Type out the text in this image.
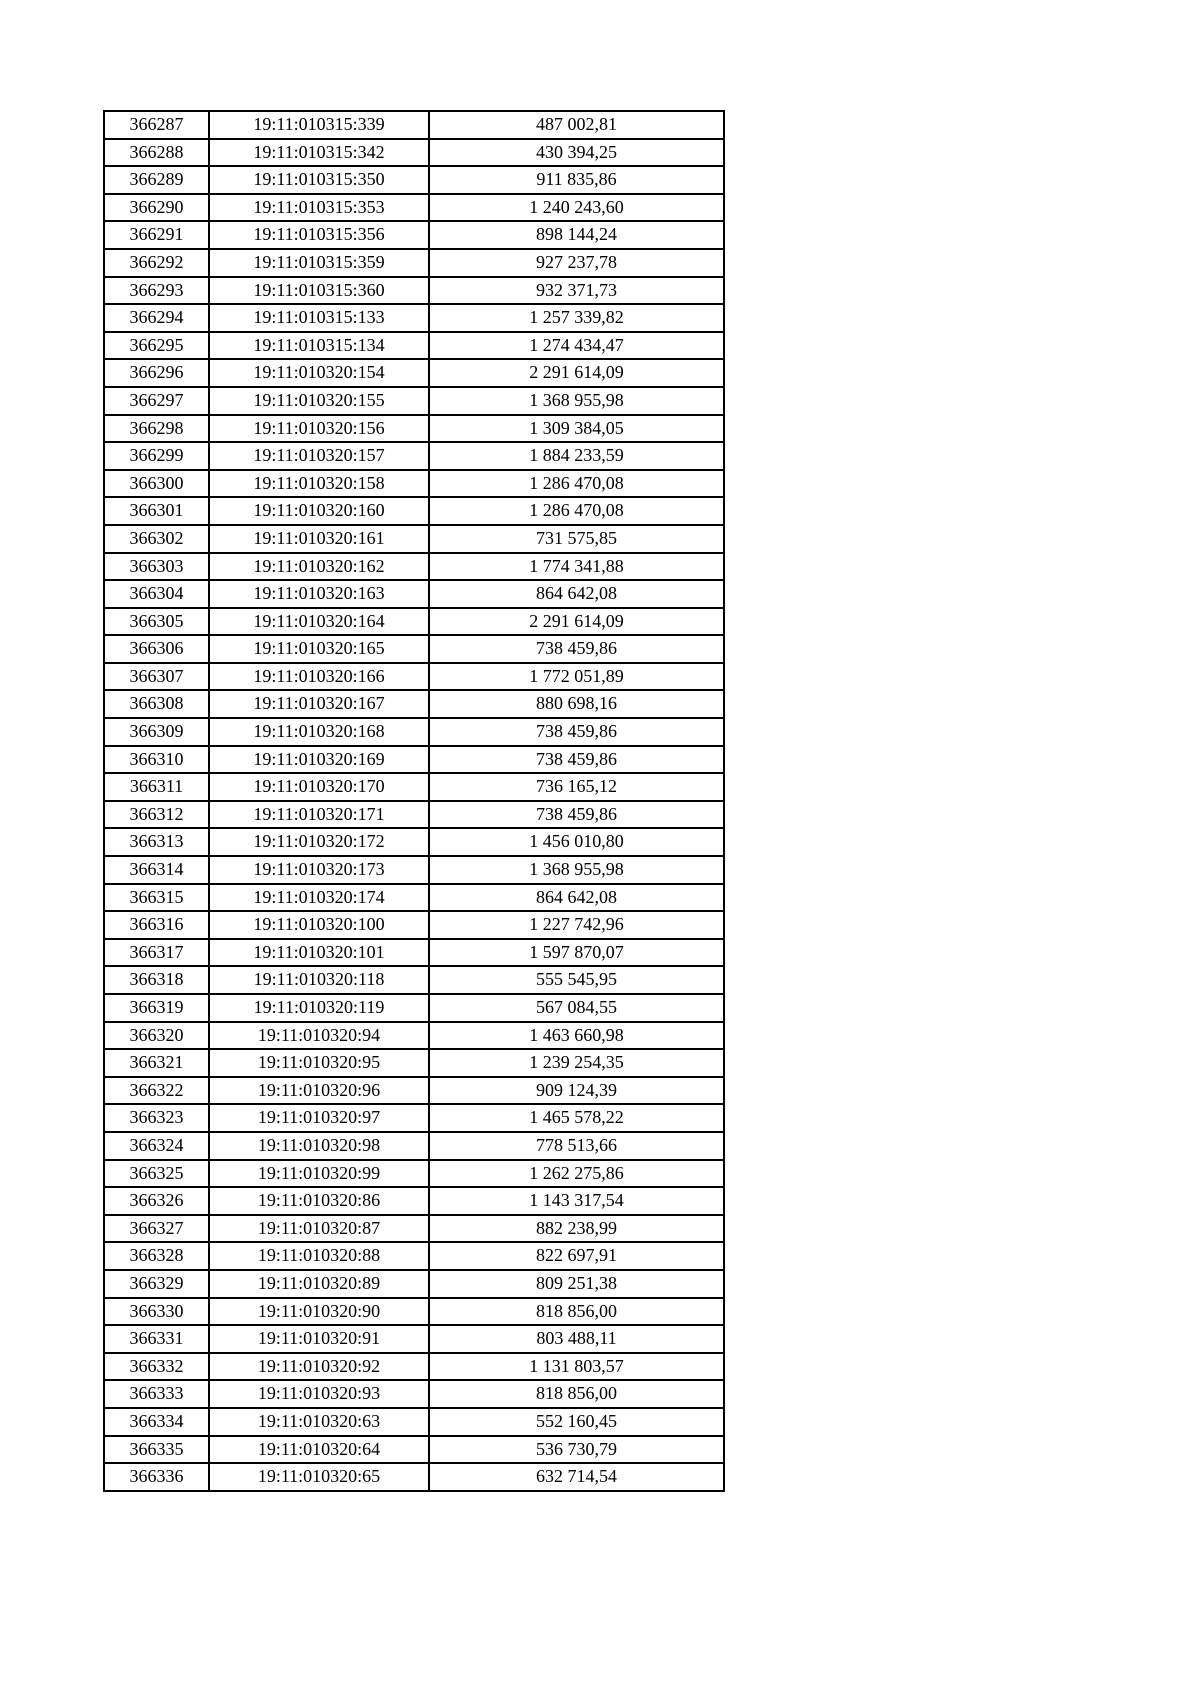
366287	19:11:010315:339	487 002,81
366288	19:11:010315:342	430 394,25
366289	19:11:010315:350	911 835,86
366290	19:11:010315:353	1 240 243,60
366291	19:11:010315:356	898 144,24
366292	19:11:010315:359	927 237,78
366293	19:11:010315:360	932 371,73
366294	19:11:010315:133	1 257 339,82
366295	19:11:010315:134	1 274 434,47
366296	19:11:010320:154	2 291 614,09
366297	19:11:010320:155	1 368 955,98
366298	19:11:010320:156	1 309 384,05
366299	19:11:010320:157	1 884 233,59
366300	19:11:010320:158	1 286 470,08
366301	19:11:010320:160	1 286 470,08
366302	19:11:010320:161	731 575,85
366303	19:11:010320:162	1 774 341,88
366304	19:11:010320:163	864 642,08
366305	19:11:010320:164	2 291 614,09
366306	19:11:010320:165	738 459,86
366307	19:11:010320:166	1 772 051,89
366308	19:11:010320:167	880 698,16
366309	19:11:010320:168	738 459,86
366310	19:11:010320:169	738 459,86
366311	19:11:010320:170	736 165,12
366312	19:11:010320:171	738 459,86
366313	19:11:010320:172	1 456 010,80
366314	19:11:010320:173	1 368 955,98
366315	19:11:010320:174	864 642,08
366316	19:11:010320:100	1 227 742,96
366317	19:11:010320:101	1 597 870,07
366318	19:11:010320:118	555 545,95
366319	19:11:010320:119	567 084,55
366320	19:11:010320:94	1 463 660,98
366321	19:11:010320:95	1 239 254,35
366322	19:11:010320:96	909 124,39
366323	19:11:010320:97	1 465 578,22
366324	19:11:010320:98	778 513,66
366325	19:11:010320:99	1 262 275,86
366326	19:11:010320:86	1 143 317,54
366327	19:11:010320:87	882 238,99
366328	19:11:010320:88	822 697,91
366329	19:11:010320:89	809 251,38
366330	19:11:010320:90	818 856,00
366331	19:11:010320:91	803 488,11
366332	19:11:010320:92	1 131 803,57
366333	19:11:010320:93	818 856,00
366334	19:11:010320:63	552 160,45
366335	19:11:010320:64	536 730,79
366336	19:11:010320:65	632 714,54
